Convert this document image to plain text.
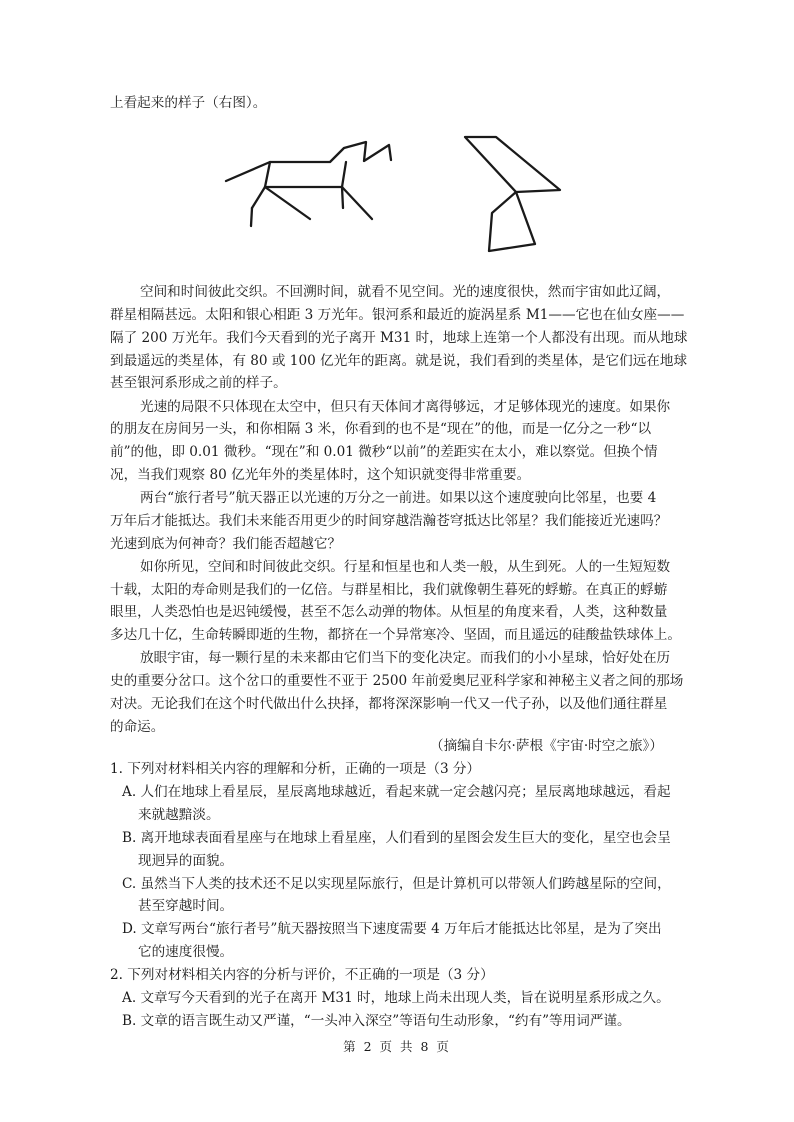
上看起来的样子（右图）。
空间和时间彼此交织。不回溯时间，就看不见空间。光的速度很快，然而宇宙如此辽阔，
群星相隔甚远。太阳和银心相距 3 万光年。银河系和最近的旋涡星系 M1——它也在仙女座——
隔了 200 万光年。我们今天看到的光子离开 M31 时，地球上连第一个人都没有出现。而从地球
到最遥远的类星体，有 80 或 100 亿光年的距离。就是说，我们看到的类星体，是它们远在地球
甚至银河系形成之前的样子。
光速的局限不只体现在太空中，但只有天体间才离得够远，才足够体现光的速度。如果你
的朋友在房间另一头，和你相隔 3 米，你看到的也不是“现在”的他，而是一亿分之一秒“以
前”的他，即 0.01 微秒。“现在”和 0.01 微秒“以前”的差距实在太小，难以察觉。但换个情
况，当我们观察 80 亿光年外的类星体时，这个知识就变得非常重要。
两台“旅行者号”航天器正以光速的万分之一前进。如果以这个速度驶向比邻星，也要 4
万年后才能抵达。我们未来能否用更少的时间穿越浩瀚苍穹抵达比邻星？我们能接近光速吗？
光速到底为何神奇？我们能否超越它？
如你所见，空间和时间彼此交织。行星和恒星也和人类一般，从生到死。人的一生短短数
十载，太阳的寿命则是我们的一亿倍。与群星相比，我们就像朝生暮死的蜉蝣。在真正的蜉蝣
眼里，人类恐怕也是迟钝缓慢，甚至不怎么动弹的物体。从恒星的角度来看，人类，这种数量
多达几十亿，生命转瞬即逝的生物，都挤在一个异常寒冷、坚固，而且遥远的硅酸盐铁球体上。
放眼宇宙，每一颗行星的未来都由它们当下的变化决定。而我们的小小星球，恰好处在历
史的重要分岔口。这个岔口的重要性不亚于 2500 年前爱奥尼亚科学家和神秘主义者之间的那场
对决。无论我们在这个时代做出什么抉择，都将深深影响一代又一代子孙，以及他们通往群星
的命运。
（摘编自卡尔·萨根《宇宙·时空之旅》）
1. 下列对材料相关内容的理解和分析，正确的一项是（3 分）
A. 人们在地球上看星辰，星辰离地球越近，看起来就一定会越闪亮；星辰离地球越远，看起
来就越黯淡。
B. 离开地球表面看星座与在地球上看星座，人们看到的星图会发生巨大的变化，星空也会呈
现迥异的面貌。
C. 虽然当下人类的技术还不足以实现星际旅行，但是计算机可以带领人们跨越星际的空间，
甚至穿越时间。
D. 文章写两台“旅行者号”航天器按照当下速度需要 4 万年后才能抵达比邻星，是为了突出
它的速度很慢。
2. 下列对材料相关内容的分析与评价，不正确的一项是（3 分）
A. 文章写今天看到的光子在离开 M31 时，地球上尚未出现人类，旨在说明星系形成之久。
B. 文章的语言既生动又严谨，“一头冲入深空”等语句生动形象，“约有”等用词严谨。
第 2 页 共 8 页
